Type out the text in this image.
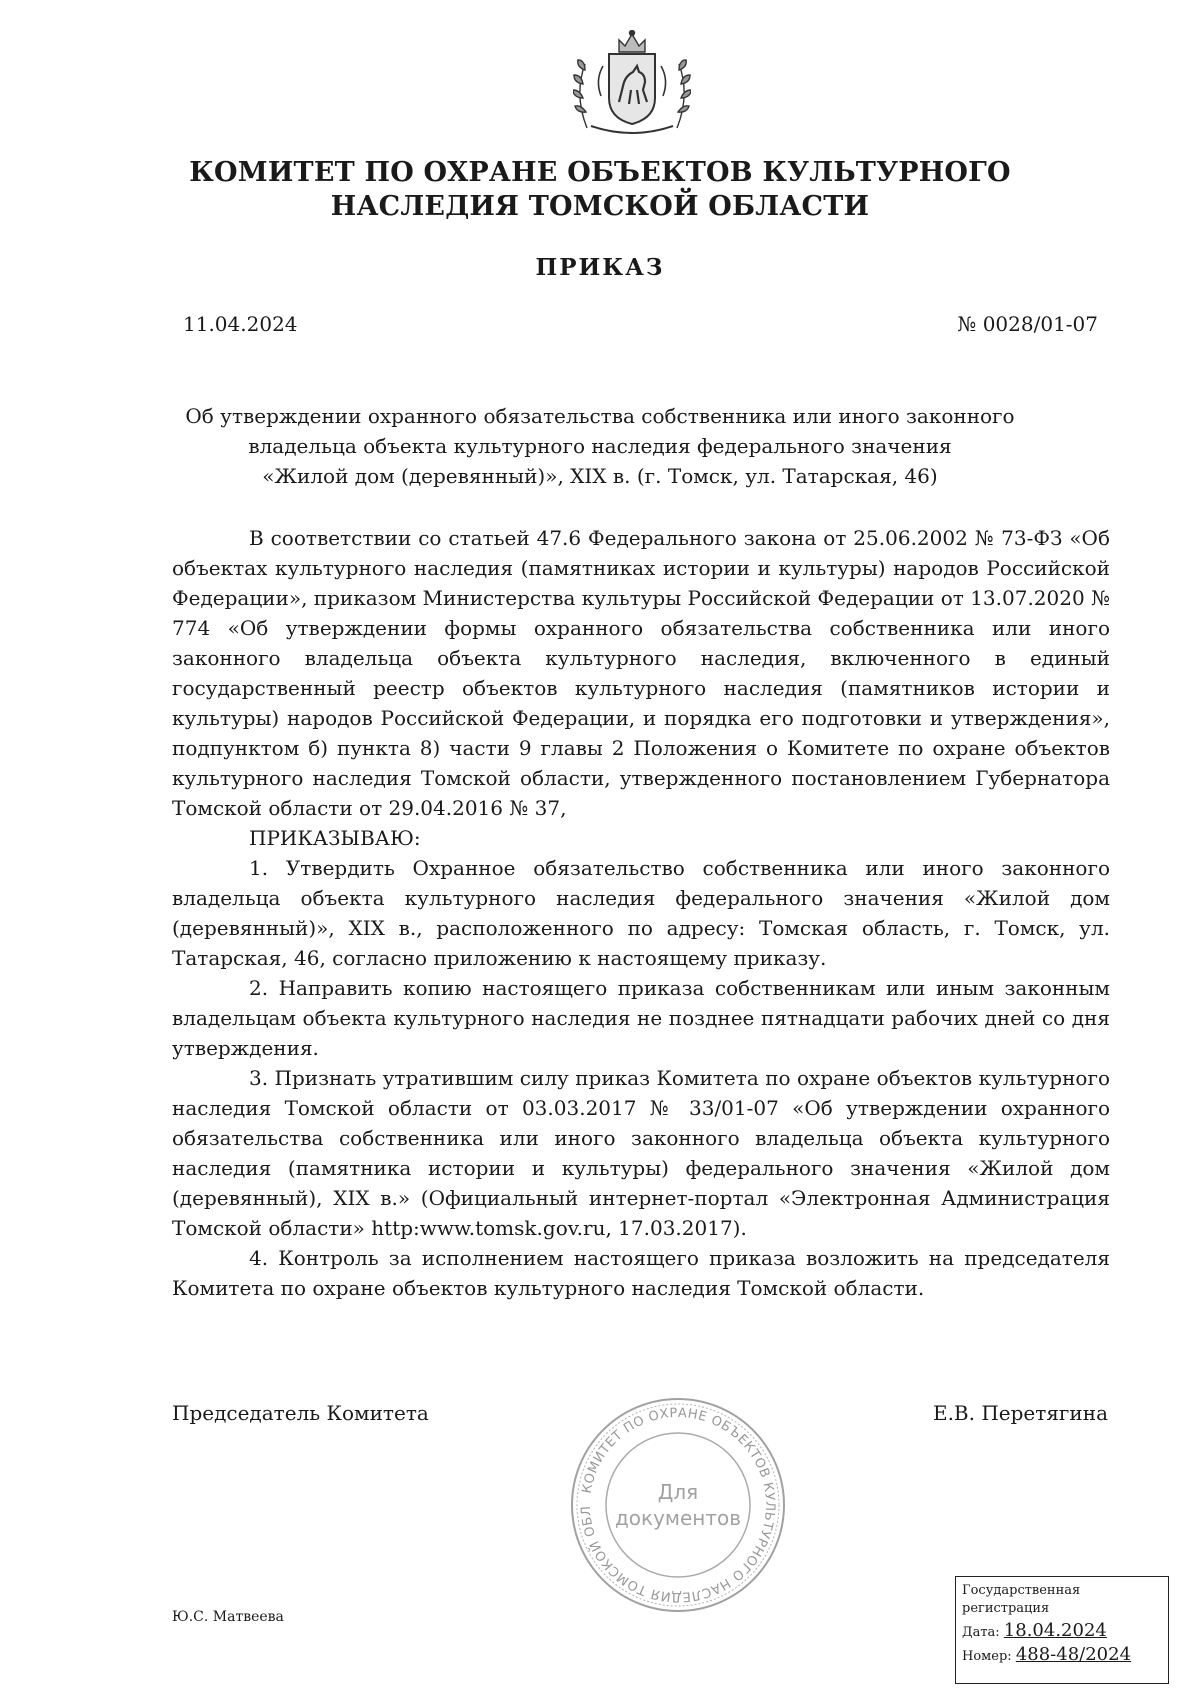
КОМИТЕТ ПО ОХРАНЕ ОБЪЕКТОВ КУЛЬТУРНОГО
НАСЛЕДИЯ ТОМСКОЙ ОБЛАСТИ
ПРИКАЗ
11.04.2024	№ 0028/01-07
Об утверждении охранного обязательства собственника или иного законного
владельца объекта культурного наследия федерального значения
«Жилой дом (деревянный)», XIX в. (г. Томск, ул. Татарская, 46)

В соответствии со статьей 47.6 Федерального закона от 25.06.2002 № 73-ФЗ «Об объектах культурного наследия (памятниках истории и культуры) народов Российской Федерации», приказом Министерства культуры Российской Федерации от 13.07.2020 № 774 «Об утверждении формы охранного обязательства собственника или иного законного владельца объекта культурного наследия, включенного в единый государственный реестр объектов культурного наследия (памятников истории и культуры) народов Российской Федерации, и порядка его подготовки и утверждения», подпунктом б) пункта 8) части 9 главы 2 Положения о Комитете по охране объектов культурного наследия Томской области, утвержденного постановлением Губернатора Томской области от 29.04.2016 № 37,

ПРИКАЗЫВАЮ:

1. Утвердить Охранное обязательство собственника или иного законного владельца объекта культурного наследия федерального значения «Жилой дом (деревянный)», XIX в., расположенного по адресу: Томская область, г. Томск, ул. Татарская, 46, согласно приложению к настоящему приказу.

2. Направить копию настоящего приказа собственникам или иным законным владельцам объекта культурного наследия не позднее пятнадцати рабочих дней со дня утверждения.

3. Признать утратившим силу приказ Комитета по охране объектов культурного наследия Томской области от 03.03.2017 № 33/01-07 «Об утверждении охранного обязательства собственника или иного законного владельца объекта культурного наследия (памятника истории и культуры) федерального значения «Жилой дом (деревянный), XIX в.» (Официальный интернет-портал «Электронная Администрация Томской области» http:www.tomsk.gov.ru, 17.03.2017).

4. Контроль за исполнением настоящего приказа возложить на председателя Комитета по охране объектов культурного наследия Томской области.

Председатель Комитета	Е.В. Перетягина
КОМИТЕТ ПО ОХРАНЕ ОБЪЕКТОВ КУЛЬТУРНОГО НАСЛЕДИЯ ТОМСКОЙ ОБЛ
Для
документов
Ю.С. Матвеева
Государственная регистрация
Дата: 18.04.2024
Номер: 488-48/2024
